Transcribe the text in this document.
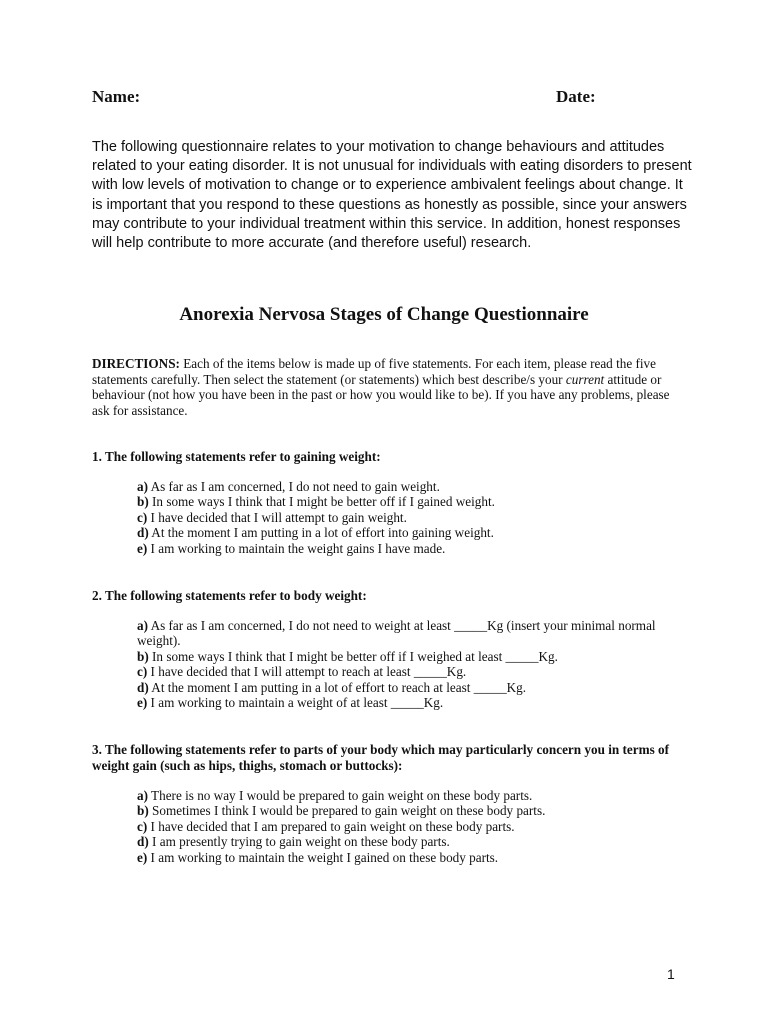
Name:	Date:

The following questionnaire relates to your motivation to change behaviours and attitudes related to your eating disorder. It is not unusual for individuals with eating disorders to present with low levels of motivation to change or to experience ambivalent feelings about change. It is important that you respond to these questions as honestly as possible, since your answers may contribute to your individual treatment within this service. In addition, honest responses will help contribute to more accurate (and therefore useful) research.

Anorexia Nervosa Stages of Change Questionnaire

DIRECTIONS: Each of the items below is made up of five statements. For each item, please read the five statements carefully. Then select the statement (or statements) which best describe/s your current attitude or behaviour (not how you have been in the past or how you would like to be). If you have any problems, please ask for assistance.

1. The following statements refer to gaining weight:

a) As far as I am concerned, I do not need to gain weight.
b) In some ways I think that I might be better off if I gained weight.
c) I have decided that I will attempt to gain weight.
d) At the moment I am putting in a lot of effort into gaining weight.
e) I am working to maintain the weight gains I have made.

2. The following statements refer to body weight:

a) As far as I am concerned, I do not need to weight at least _____Kg (insert your minimal normal weight).
b) In some ways I think that I might be better off if I weighed at least _____Kg.
c) I have decided that I will attempt to reach at least _____Kg.
d) At the moment I am putting in a lot of effort to reach at least _____Kg.
e) I am working to maintain a weight of at least _____Kg.

3. The following statements refer to parts of your body which may particularly concern you in terms of weight gain (such as hips, thighs, stomach or buttocks):

a) There is no way I would be prepared to gain weight on these body parts.
b) Sometimes I think I would be prepared to gain weight on these body parts.
c) I have decided that I am prepared to gain weight on these body parts.
d) I am presently trying to gain weight on these body parts.
e) I am working to maintain the weight I gained on these body parts.
1
